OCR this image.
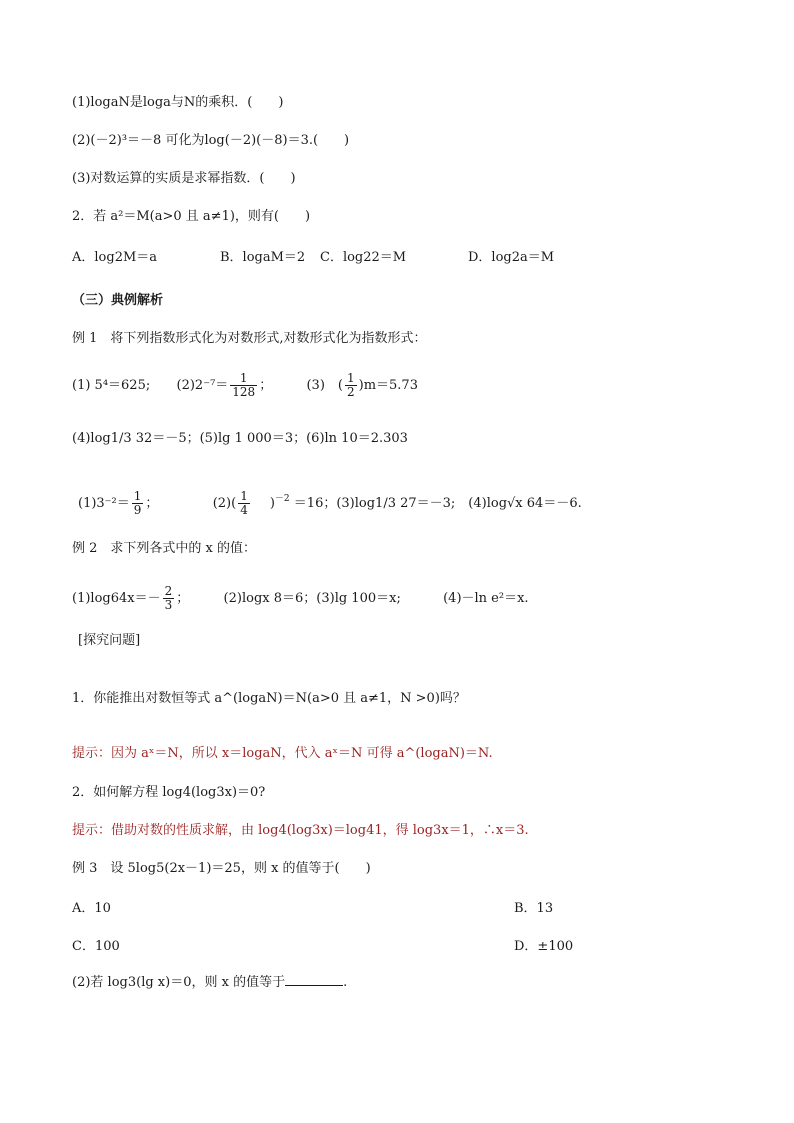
(1)logaN是loga与N的乘积．(　　)
(2)(－2)³＝－8 可化为log(－2)(－8)＝3.(　　)
(3)对数运算的实质是求幂指数．(　　)
2．若 a²＝M(a>0 且 a≠1)，则有(　　)
A．log2M＝a	B．logaM＝2 C．log22＝M	D．log2a＝M
（三）典例解析
例 1　将下列指数形式化为对数形式,对数形式化为指数形式：
(1) 5⁴＝625; $(2)2^{-7}= \frac{1}{128}$ ；	(3)　( $\frac{1}{2} )m=5.73$
(4)log1/3 32＝－5；(5)lg 1 000＝3；(6)ln 10＝2.303
$(1)3^{-2}= \frac{1}{9}$ ；	$(2)( \frac{1}{4} )^{-2} =16$；(3)log1/3 27＝－3;　(4)log√x 64＝－6.
例 2　求下列各式中的 x 的值：
$(1)\log 64x=- \frac{2}{3}$ ；	(2)logx 8＝6；(3)lg 100＝x;	(4)－ln e²＝x.
[探究问题]
1．你能推出对数恒等式 a^(logaN)＝N(a>0 且 a≠1，N >0)吗？
提示：因为 aˣ＝N，所以 x＝logaN，代入 aˣ＝N 可得 a^(logaN)＝N.
2．如何解方程 log4(log3x)＝0?
提示：借助对数的性质求解，由 log4(log3x)＝log41，得 log3x＝1，∴x＝3.
例 3　设 5log5(2x－1)＝25，则 x 的值等于(　　)
A．10	B．13
C．100	D．±100
(2)若 log3(lg x)＝0，则 x 的值等于	.
